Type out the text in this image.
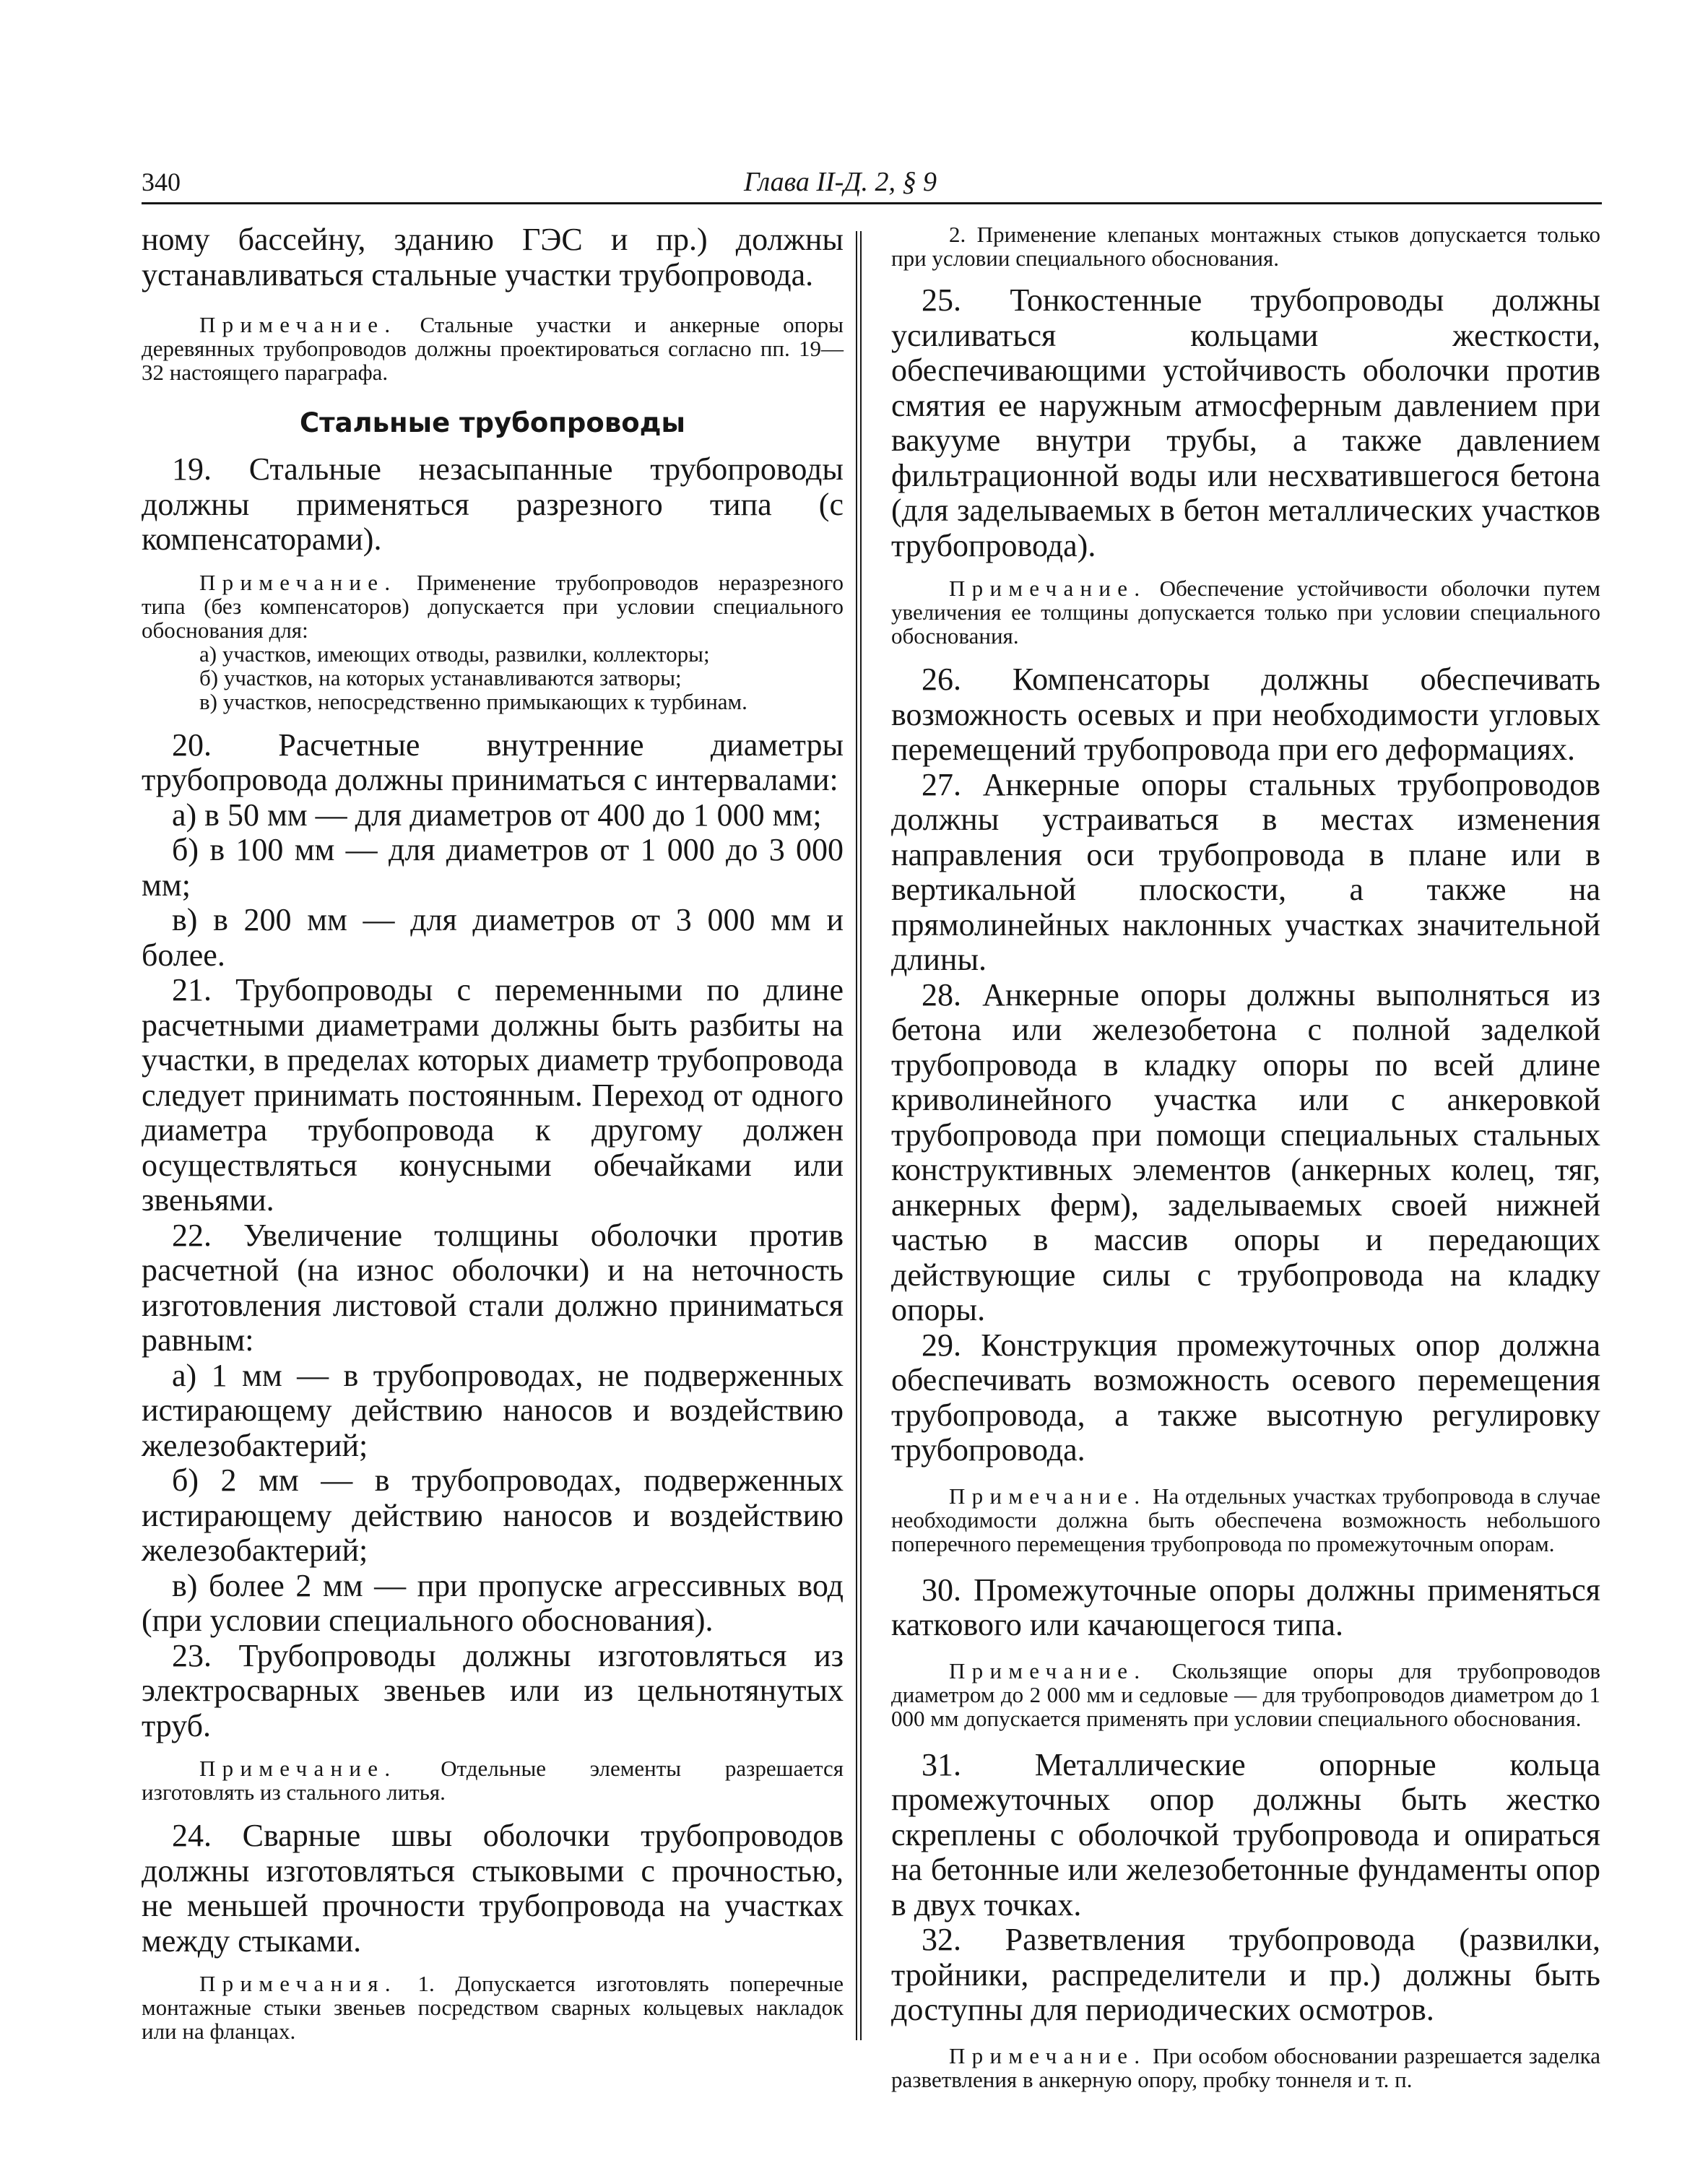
340	Глава II-Д. 2, § 9

ному бассейну, зданию ГЭС и пр.) должны устанавливаться стальные участки трубопровода.

Примечание. Стальные участки и анкерные опоры деревянных трубопроводов должны проектироваться согласно пп. 19—32 настоящего параграфа.

Стальные трубопроводы

19. Стальные незасыпанные трубопроводы должны применяться разрезного типа (с компенсаторами).

Примечание. Применение трубопроводов неразрезного типа (без компенсаторов) допускается при условии специального обоснования для:

а) участков, имеющих отводы, развилки, коллекторы;

б) участков, на которых устанавливаются затворы;

в) участков, непосредственно примыкающих к турбинам.

20. Расчетные внутренние диаметры трубопровода должны приниматься с интервалами:

а) в 50 мм — для диаметров от 400 до 1 000 мм;

б) в 100 мм — для диаметров от 1 000 до 3 000 мм;

в) в 200 мм — для диаметров от 3 000 мм и более.

21. Трубопроводы с переменными по длине расчетными диаметрами должны быть разбиты на участки, в пределах которых диаметр трубопровода следует принимать постоянным. Переход от одного диаметра трубопровода к другому должен осуществляться конусными обечайками или звеньями.

22. Увеличение толщины оболочки против расчетной (на износ оболочки) и на неточность изготовления листовой стали должно приниматься равным:

а) 1 мм — в трубопроводах, не подверженных истирающему действию наносов и воздействию железобактерий;

б) 2 мм — в трубопроводах, подверженных истирающему действию наносов и воздействию железобактерий;

в) более 2 мм — при пропуске агрессивных вод (при условии специального обоснования).

23. Трубопроводы должны изготовляться из электросварных звеньев или из цельнотянутых труб.

Примечание. Отдельные элементы разрешается изготовлять из стального литья.

24. Сварные швы оболочки трубопроводов должны изготовляться стыковыми с прочностью, не меньшей прочности трубопровода на участках между стыками.

Примечания. 1. Допускается изготовлять поперечные монтажные стыки звеньев посредством сварных кольцевых накладок или на фланцах.

2. Применение клепаных монтажных стыков допускается только при условии специального обоснования.

25. Тонкостенные трубопроводы должны усиливаться кольцами жесткости, обеспечивающими устойчивость оболочки против смятия ее наружным атмосферным давлением при вакууме внутри трубы, а также давлением фильтрационной воды или несхватившегося бетона (для заделываемых в бетон металлических участков трубопровода).

Примечание. Обеспечение устойчивости оболочки путем увеличения ее толщины допускается только при условии специального обоснования.

26. Компенсаторы должны обеспечивать возможность осевых и при необходимости угловых перемещений трубопровода при его деформациях.

27. Анкерные опоры стальных трубопроводов должны устраиваться в местах изменения направления оси трубопровода в плане или в вертикальной плоскости, а также на прямолинейных наклонных участках значительной длины.

28. Анкерные опоры должны выполняться из бетона или железобетона с полной заделкой трубопровода в кладку опоры по всей длине криволинейного участка или с анкеровкой трубопровода при помощи специальных стальных конструктивных элементов (анкерных колец, тяг, анкерных ферм), заделываемых своей нижней частью в массив опоры и передающих действующие силы с трубопровода на кладку опоры.

29. Конструкция промежуточных опор должна обеспечивать возможность осевого перемещения трубопровода, а также высотную регулировку трубопровода.

Примечание. На отдельных участках трубопровода в случае необходимости должна быть обеспечена возможность небольшого поперечного перемещения трубопровода по промежуточным опорам.

30. Промежуточные опоры должны применяться каткового или качающегося типа.

Примечание. Скользящие опоры для трубопроводов диаметром до 2 000 мм и седловые — для трубопроводов диаметром до 1 000 мм допускается применять при условии специального обоснования.

31. Металлические опорные кольца промежуточных опор должны быть жестко скреплены с оболочкой трубопровода и опираться на бетонные или железобетонные фундаменты опор в двух точках.

32. Разветвления трубопровода (развилки, тройники, распределители и пр.) должны быть доступны для периодических осмотров.

Примечание. При особом обосновании разрешается заделка разветвления в анкерную опору, пробку тоннеля и т. п.
